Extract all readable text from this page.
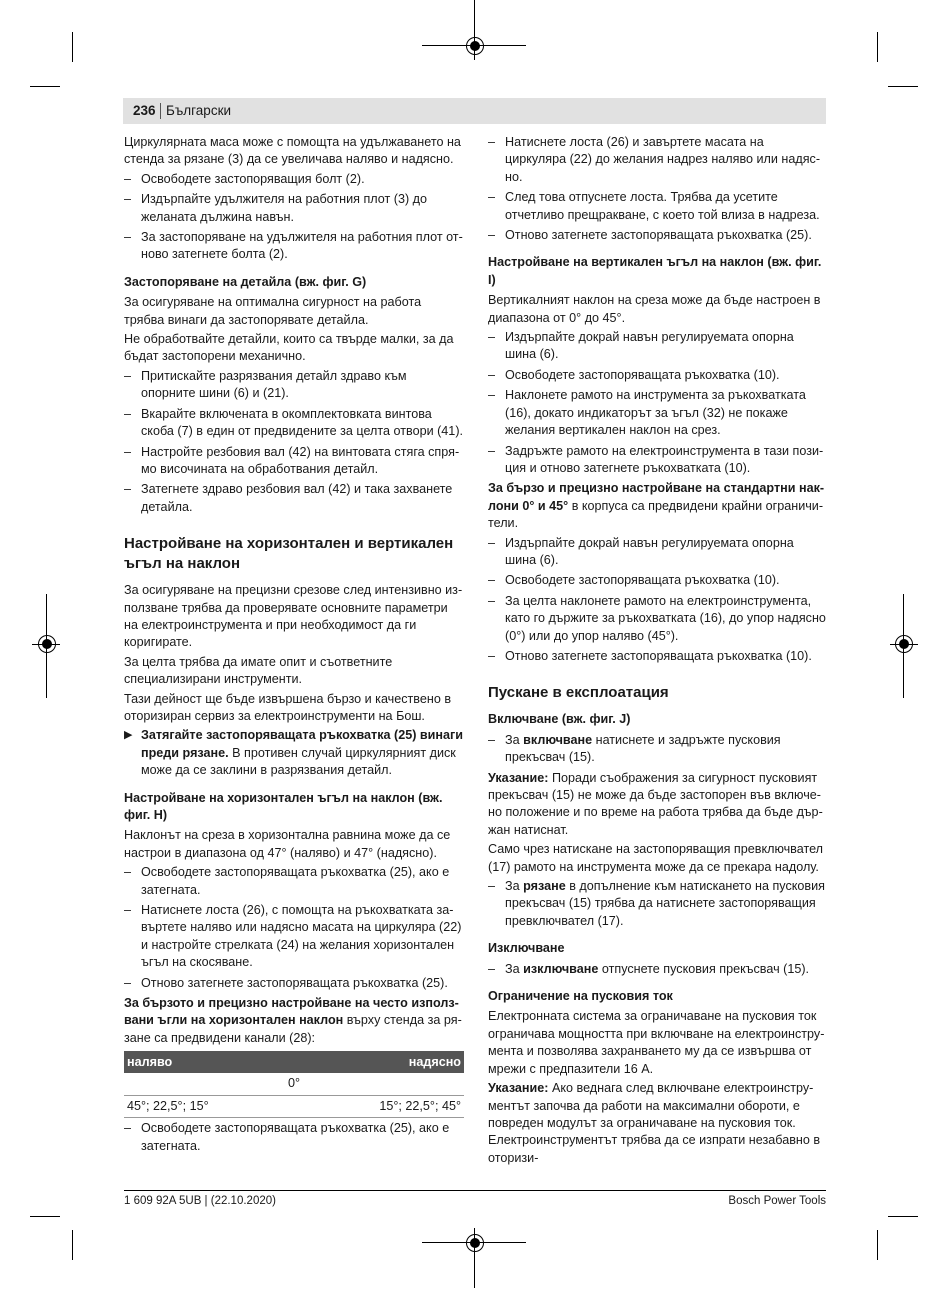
236 Български

Циркулярната маса може с помощта на удължаването на стенда за рязане (3) да се увеличава наляво и надясно.

– Освободете застопоряващия болт (2).
– Издърпайте удължителя на работния плот (3) до желаната дължина навън.
– За застопоряване на удължителя на работния плот отново затегнете болта (2).
Застопоряване на детайла (вж. фиг. G)

За осигуряване на оптимална сигурност на работа трябва винаги да застопорявате детайла.

Не обработвайте детайли, които са твърде малки, за да бъдат застопорени механично.

– Притискайте разрязвания детайл здраво към опорните шини (6) и (21).
– Вкарайте включената в окомплектовката винтова скоба (7) в един от предвидените за целта отвори (41).
– Настройте резбовия вал (42) на винтовата стяга спрямо височината на обработвания детайл.
– Затегнете здраво резбовия вал (42) и така захванете детайла.
Настройване на хоризонтален и вертикален ъгъл на наклон

За осигуряване на прецизни срезове след интензивно използване трябва да проверявате основните параметри на електроинструмента и при необходимост да ги коригирате.

За целта трябва да имате опит и съответните специализирани инструменти.

Тази дейност ще бъде извършена бързо и качествено в оторизиран сервиз за електроинструменти на Бош.

▶ Затягайте застопоряващата ръкохватка (25) винаги преди рязане. В противен случай циркулярният диск може да се заклини в разрязвания детайл.
Настройване на хоризонтален ъгъл на наклон (вж. фиг. H)

Наклонът на среза в хоризонтална равнина може да се настрои в диапазона од 47° (наляво) и 47° (надясно).

– Освободете застопоряващата ръкохватка (25), ако е затегната.
– Натиснете лоста (26), с помощта на ръкохватката завъртете наляво или надясно масата на циркуляра (22) и настройте стрелката (24) на желания хоризонтален ъгъл на скосяване.
– Отново затегнете застопоряващата ръкохватка (25).

За бързото и прецизно настройване на често използвани ъгли на хоризонтален наклон върху стенда за рязане са предвидени канали (28):

наляво	надясно
0°	
45°; 22,5°; 15°	15°; 22,5°; 45°
– Освободете застопоряващата ръкохватка (25), ако е затегната.
– Натиснете лоста (26) и завъртете масата на циркуляра (22) до желания надрез наляво или надясно.
– След това отпуснете лоста. Трябва да усетите отчетливо прещракване, с което той влиза в надреза.
– Отново затегнете застопоряващата ръкохватка (25).
Настройване на вертикален ъгъл на наклон (вж. фиг. I)

Вертикалният наклон на среза може да бъде настроен в диапазона от 0° до 45°.

– Издърпайте докрай навън регулируемата опорна шина (6).
– Освободете застопоряващата ръкохватка (10).
– Наклонете рамото на инструмента за ръкохватката (16), докато индикаторът за ъгъл (32) не покаже желания вертикален наклон на срез.
– Задръжте рамото на електроинструмента в тази позиция и отново затегнете ръкохватката (10).

За бързо и прецизно настройване на стандартни наклони 0° и 45° в корпуса са предвидени крайни ограничители.

– Издърпайте докрай навън регулируемата опорна шина (6).
– Освободете застопоряващата ръкохватка (10).
– За целта наклонете рамото на електроинструмента, като го държите за ръкохватката (16), до упор надясно (0°) или до упор наляво (45°).
– Отново затегнете застопоряващата ръкохватка (10).
Пускане в експлоатация
Включване (вж. фиг. J)
– За включване натиснете и задръжте пусковия прекъсвач (15).

Указание: Поради съображения за сигурност пусковият прекъсвач (15) не може да бъде застопорен във включено положение и по време на работа трябва да бъде държан натиснат.

Само чрез натискане на застопоряващия превключвател (17) рамото на инструмента може да се прекара надолу.

– За рязане в допълнение към натискането на пусковия прекъсвач (15) трябва да натиснете застопоряващия превключвател (17).
Изключване
– За изключване отпуснете пусковия прекъсвач (15).
Ограничение на пусковия ток

Електронната система за ограничаване на пусковия ток ограничава мощността при включване на електроинструмента и позволява захранването му да се извършва от мрежи с предпазители 16 A.

Указание: Ако веднага след включване електроинструментът започва да работи на максимални обороти, е повреден модулът за ограничаване на пусковия ток. Електроинструментът трябва да се изпрати незабавно в оторизи-

1 609 92A 5UB | (22.10.2020)	Bosch Power Tools
